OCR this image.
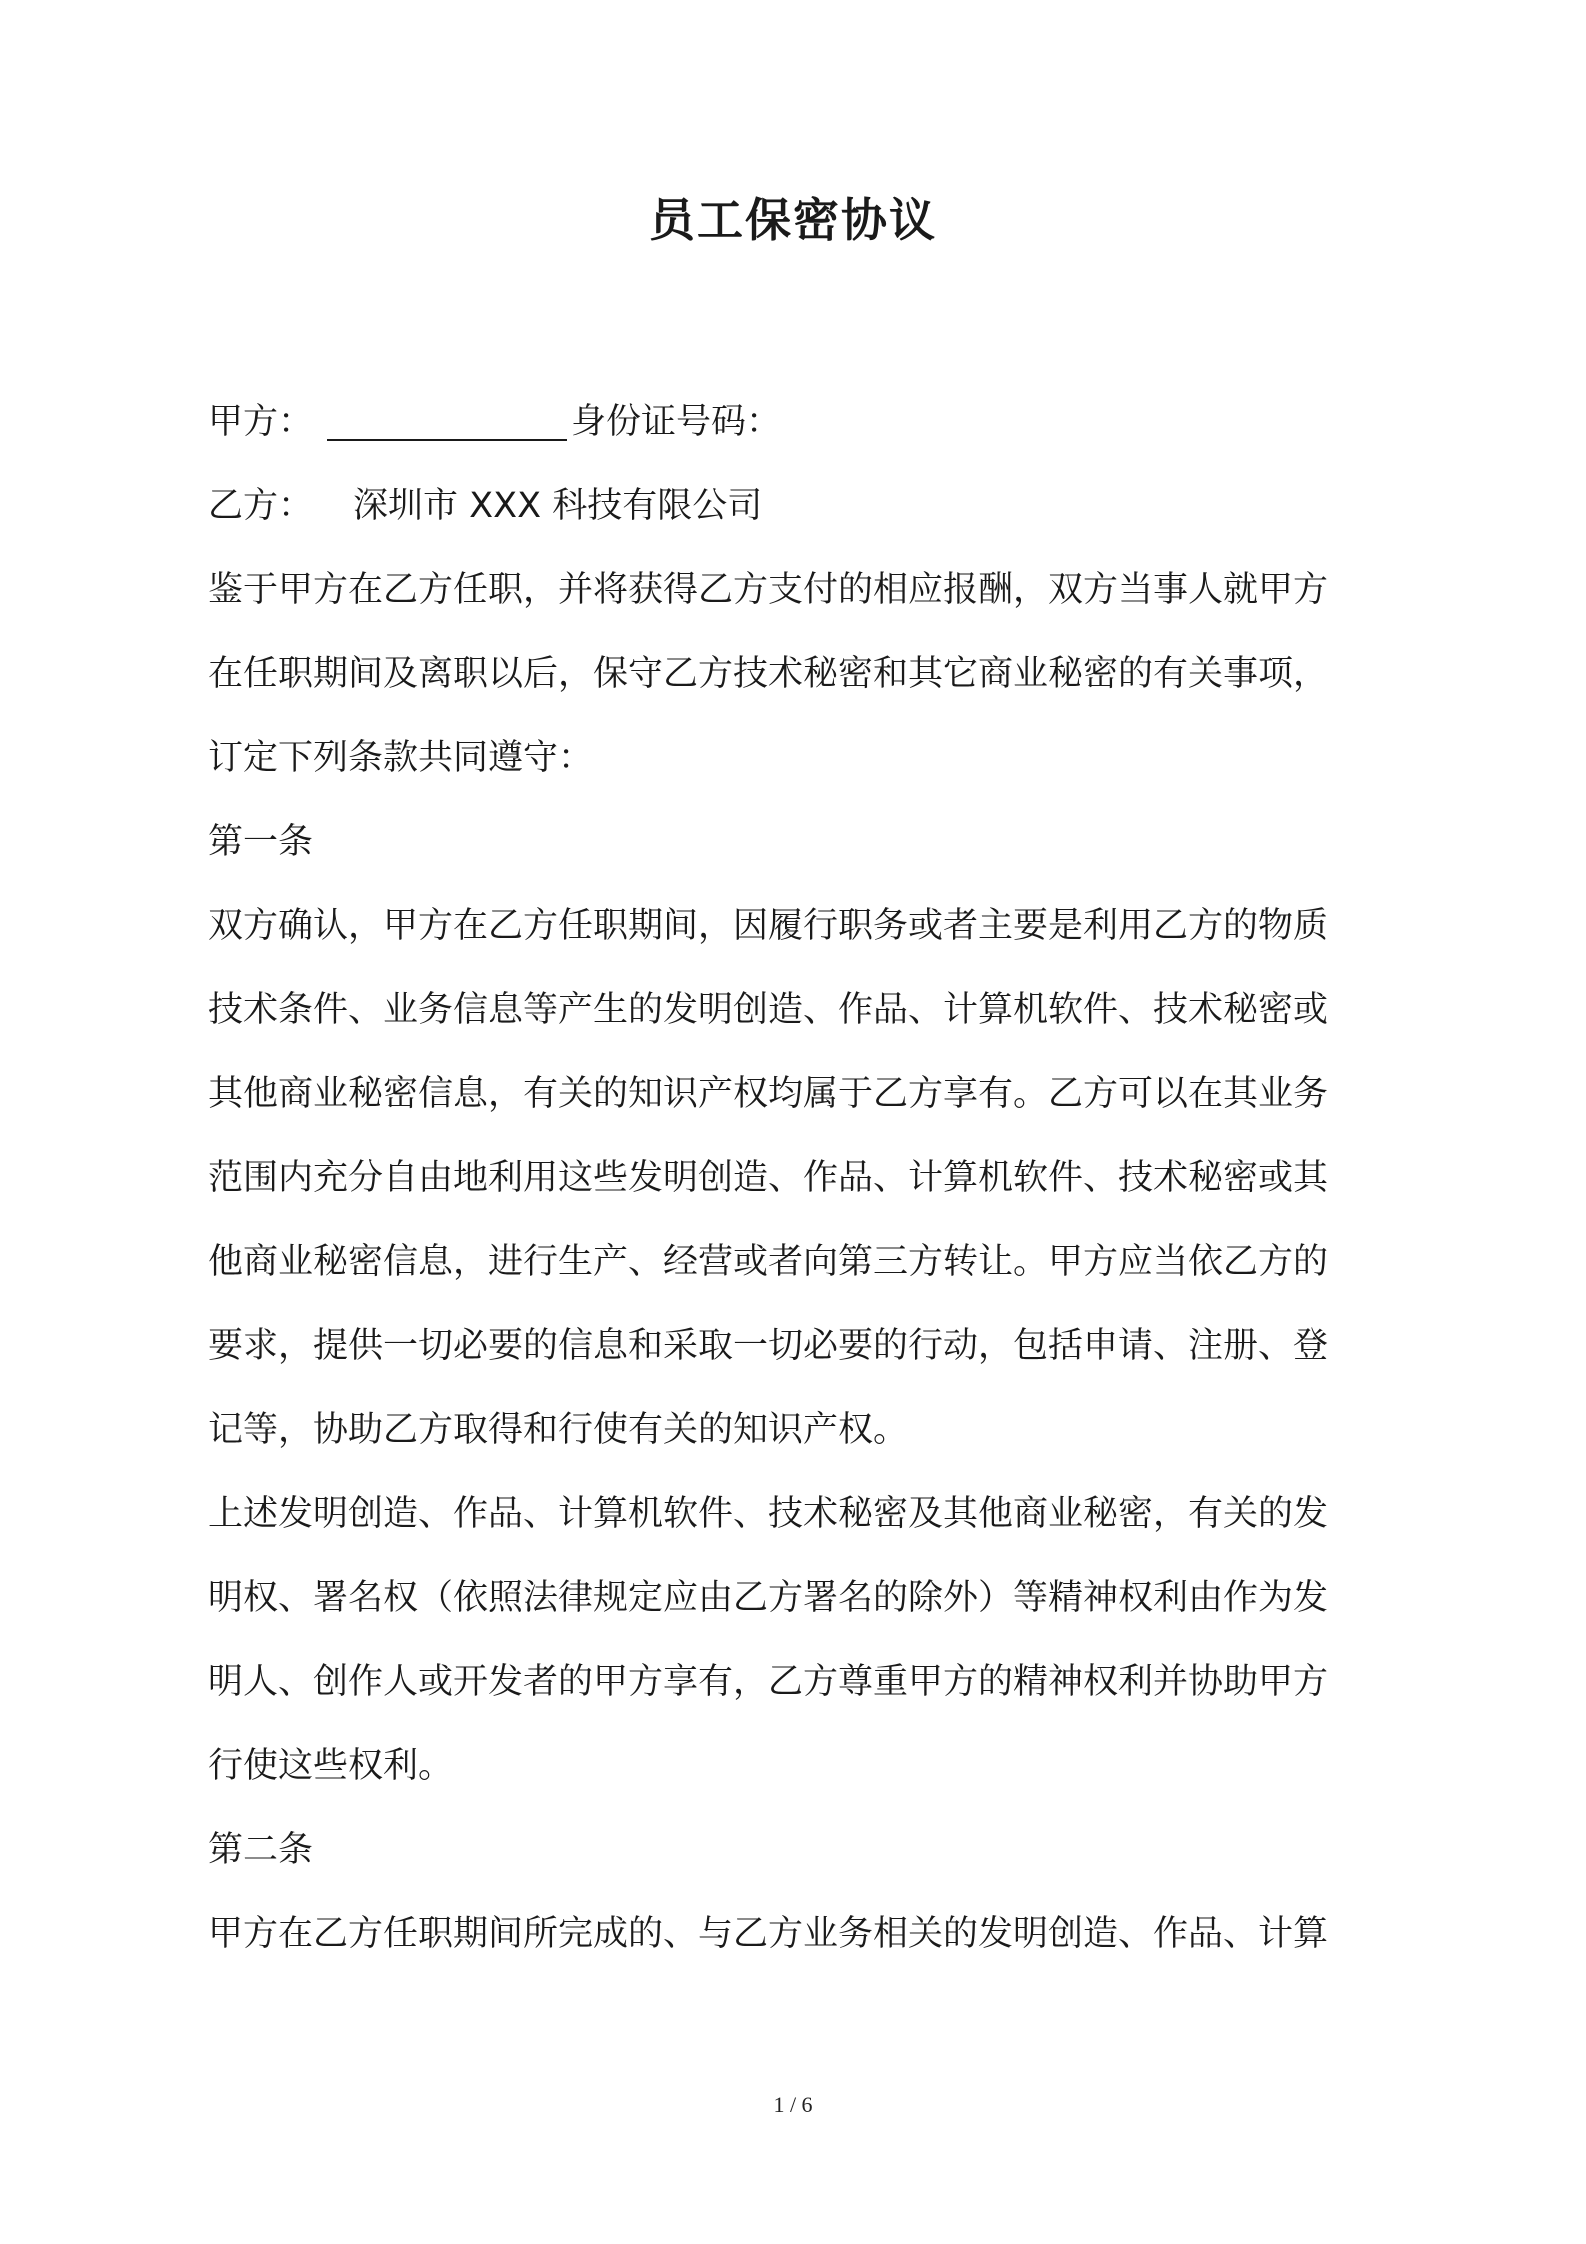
员工保密协议
甲方：	身份证号码：
乙方： 深圳市 XXX 科技有限公司
鉴于甲方在乙方任职，并将获得乙方支付的相应报酬，双方当事人就甲方
在任职期间及离职以后，保守乙方技术秘密和其它商业秘密的有关事项，
订定下列条款共同遵守：
第一条
双方确认，甲方在乙方任职期间，因履行职务或者主要是利用乙方的物质
技术条件、业务信息等产生的发明创造、作品、计算机软件、技术秘密或
其他商业秘密信息，有关的知识产权均属于乙方享有。乙方可以在其业务
范围内充分自由地利用这些发明创造、作品、计算机软件、技术秘密或其
他商业秘密信息，进行生产、经营或者向第三方转让。甲方应当依乙方的
要求，提供一切必要的信息和采取一切必要的行动，包括申请、注册、登
记等，协助乙方取得和行使有关的知识产权。
上述发明创造、作品、计算机软件、技术秘密及其他商业秘密，有关的发
明权、署名权（依照法律规定应由乙方署名的除外）等精神权利由作为发
明人、创作人或开发者的甲方享有，乙方尊重甲方的精神权利并协助甲方
行使这些权利。
第二条
甲方在乙方任职期间所完成的、与乙方业务相关的发明创造、作品、计算
1 / 6
